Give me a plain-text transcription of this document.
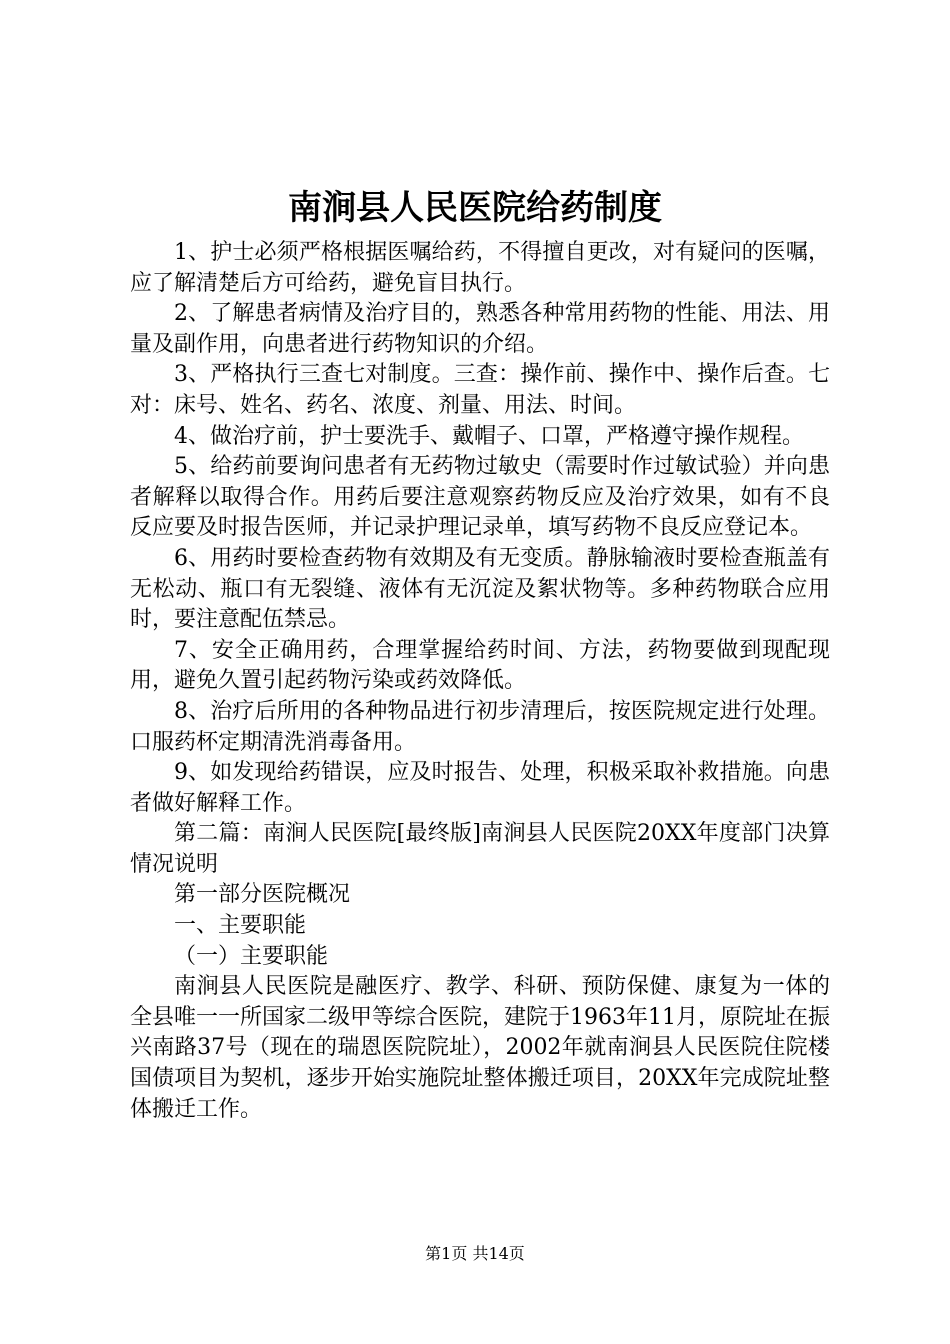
南涧县人民医院给药制度

1、护士必须严格根据医嘱给药，不得擅自更改，对有疑问的医嘱，应了解清楚后方可给药，避免盲目执行。

2、了解患者病情及治疗目的，熟悉各种常用药物的性能、用法、用量及副作用，向患者进行药物知识的介绍。

3、严格执行三查七对制度。三查：操作前、操作中、操作后查。七对：床号、姓名、药名、浓度、剂量、用法、时间。

4、做治疗前，护士要洗手、戴帽子、口罩，严格遵守操作规程。

5、给药前要询问患者有无药物过敏史（需要时作过敏试验）并向患者解释以取得合作。用药后要注意观察药物反应及治疗效果，如有不良反应要及时报告医师，并记录护理记录单，填写药物不良反应登记本。

6、用药时要检查药物有效期及有无变质。静脉输液时要检查瓶盖有无松动、瓶口有无裂缝、液体有无沉淀及絮状物等。多种药物联合应用时，要注意配伍禁忌。

7、安全正确用药，合理掌握给药时间、方法，药物要做到现配现用，避免久置引起药物污染或药效降低。

8、治疗后所用的各种物品进行初步清理后，按医院规定进行处理。口服药杯定期清洗消毒备用。

9、如发现给药错误，应及时报告、处理，积极采取补救措施。向患者做好解释工作。

第二篇：南涧人民医院[最终版]南涧县人民医院20XX年度部门决算情况说明

第一部分医院概况

一、主要职能

（一）主要职能

南涧县人民医院是融医疗、教学、科研、预防保健、康复为一体的全县唯一一所国家二级甲等综合医院，建院于1963年11月，原院址在振兴南路37号（现在的瑞恩医院院址），2002年就南涧县人民医院住院楼国债项目为契机，逐步开始实施院址整体搬迁项目，20XX年完成院址整体搬迁工作。

第1页 共14页
